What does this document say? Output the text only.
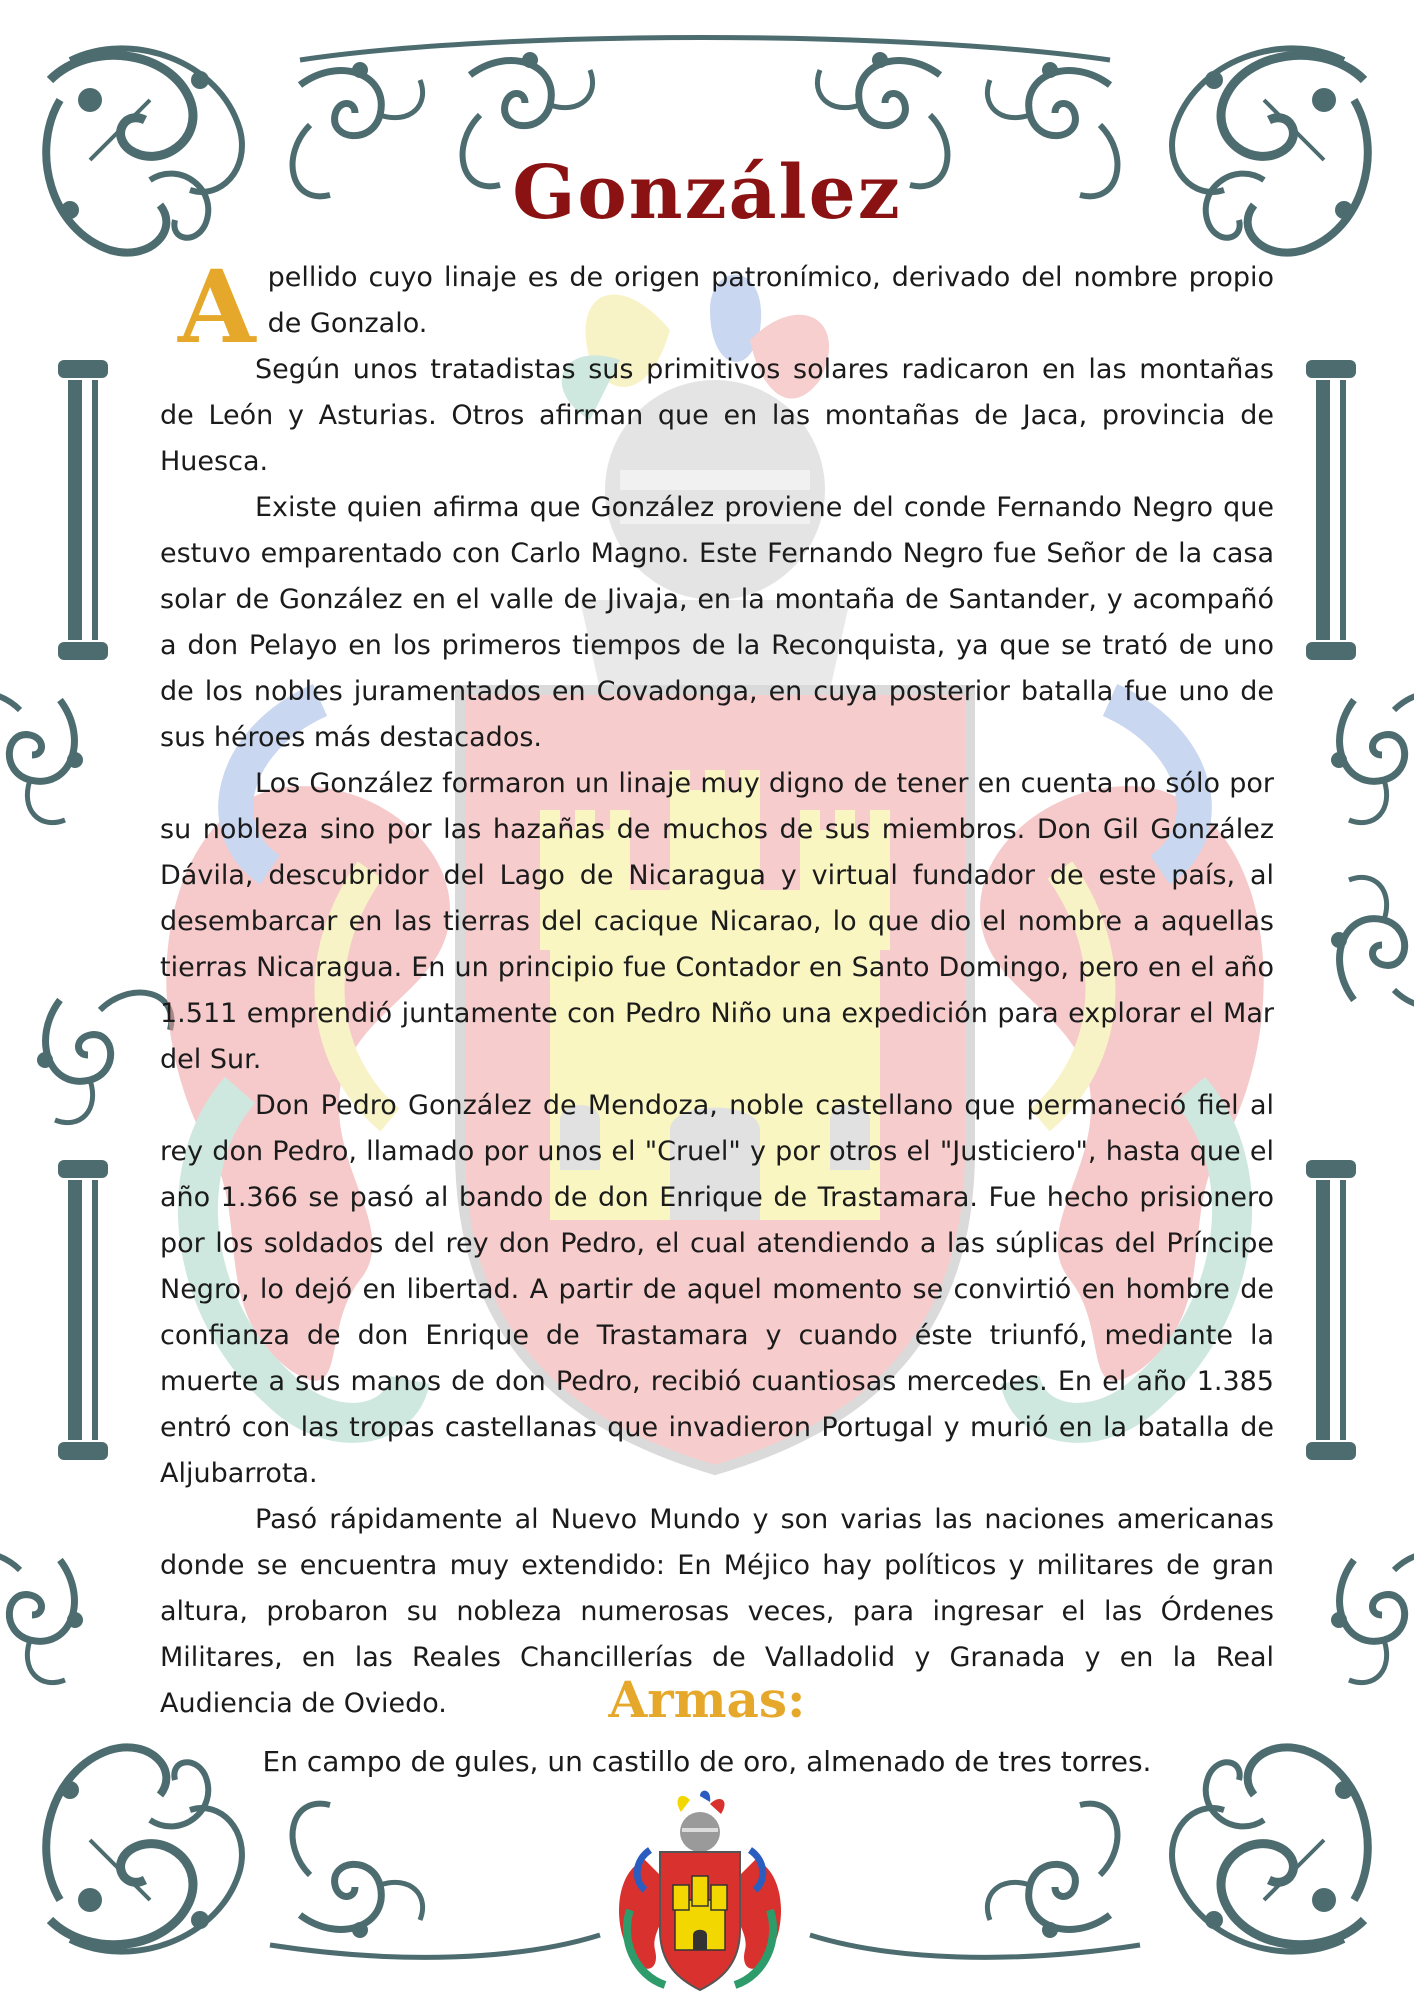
González

Apellido cuyo linaje es de origen patronímico, derivado del nombre propio de Gonzalo.

Según unos tratadistas sus primitivos solares radicaron en las montañas de León y Asturias. Otros afirman que en las montañas de Jaca, provincia de Huesca.

Existe quien afirma que González proviene del conde Fernando Negro que estuvo emparentado con Carlo Magno. Este Fernando Negro fue Señor de la casa solar de González en el valle de Jivaja, en la montaña de Santander, y acompañó a don Pelayo en los primeros tiempos de la Reconquista, ya que se trató de uno de los nobles juramentados en Covadonga, en cuya posterior batalla fue uno de sus héroes más destacados.

Los González formaron un linaje muy digno de tener en cuenta no sólo por su nobleza sino por las hazañas de muchos de sus miembros. Don Gil González Dávila, descubridor del Lago de Nicaragua y virtual fundador de este país, al desembarcar en las tierras del cacique Nicarao, lo que dio el nombre a aquellas tierras Nicaragua. En un principio fue Contador en Santo Domingo, pero en el año 1.511 emprendió juntamente con Pedro Niño una expedición para explorar el Mar del Sur.

Don Pedro González de Mendoza, noble castellano que permaneció fiel al rey don Pedro, llamado por unos el "Cruel" y por otros el "Justiciero", hasta que el año 1.366 se pasó al bando de don Enrique de Trastamara. Fue hecho prisionero por los soldados del rey don Pedro, el cual atendiendo a las súplicas del Príncipe Negro, lo dejó en libertad. A partir de aquel momento se convirtió en hombre de confianza de don Enrique de Trastamara y cuando éste triunfó, mediante la muerte a sus manos de don Pedro, recibió cuantiosas mercedes. En el año 1.385 entró con las tropas castellanas que invadieron Portugal y murió en la batalla de Aljubarrota.

Pasó rápidamente al Nuevo Mundo y son varias las naciones americanas donde se encuentra muy extendido: En Méjico hay políticos y militares de gran altura, probaron su nobleza numerosas veces, para ingresar el las Órdenes Militares, en las Reales Chancillerías de Valladolid y Granada y en la Real Audiencia de Oviedo.	Armas:
En campo de gules, un castillo de oro, almenado de tres torres.
